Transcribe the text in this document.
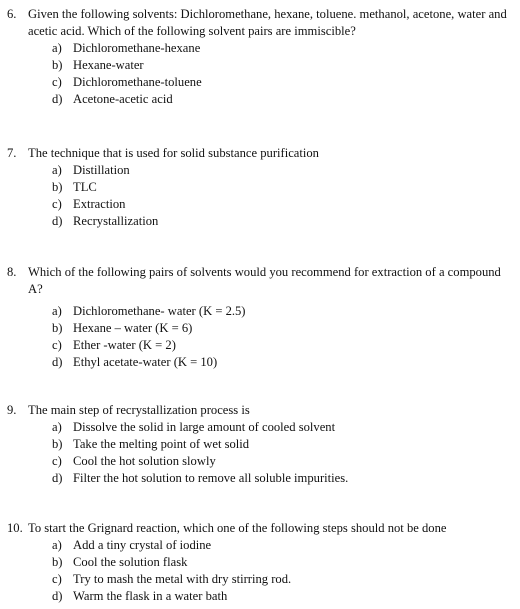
6. Given the following solvents: Dichloromethane, hexane, toluene. methanol, acetone, water and acetic acid. Which of the following solvent pairs are immiscible?
a) Dichloromethane-hexane
b) Hexane-water
c) Dichloromethane-toluene
d) Acetone-acetic acid
7. The technique that is used for solid substance purification
a) Distillation
b) TLC
c) Extraction
d) Recrystallization
8. Which of the following pairs of solvents would you recommend for extraction of a compound A?
a) Dichloromethane- water (K = 2.5)
b) Hexane – water (K = 6)
c) Ether -water (K = 2)
d) Ethyl acetate-water (K = 10)
9. The main step of recrystallization process is
a) Dissolve the solid in large amount of cooled solvent
b) Take the melting point of wet solid
c) Cool the hot solution slowly
d) Filter the hot solution to remove all soluble impurities.
10. To start the Grignard reaction, which one of the following steps should not be done
a) Add a tiny crystal of iodine
b) Cool the solution flask
c) Try to mash the metal with dry stirring rod.
d) Warm the flask in a water bath
